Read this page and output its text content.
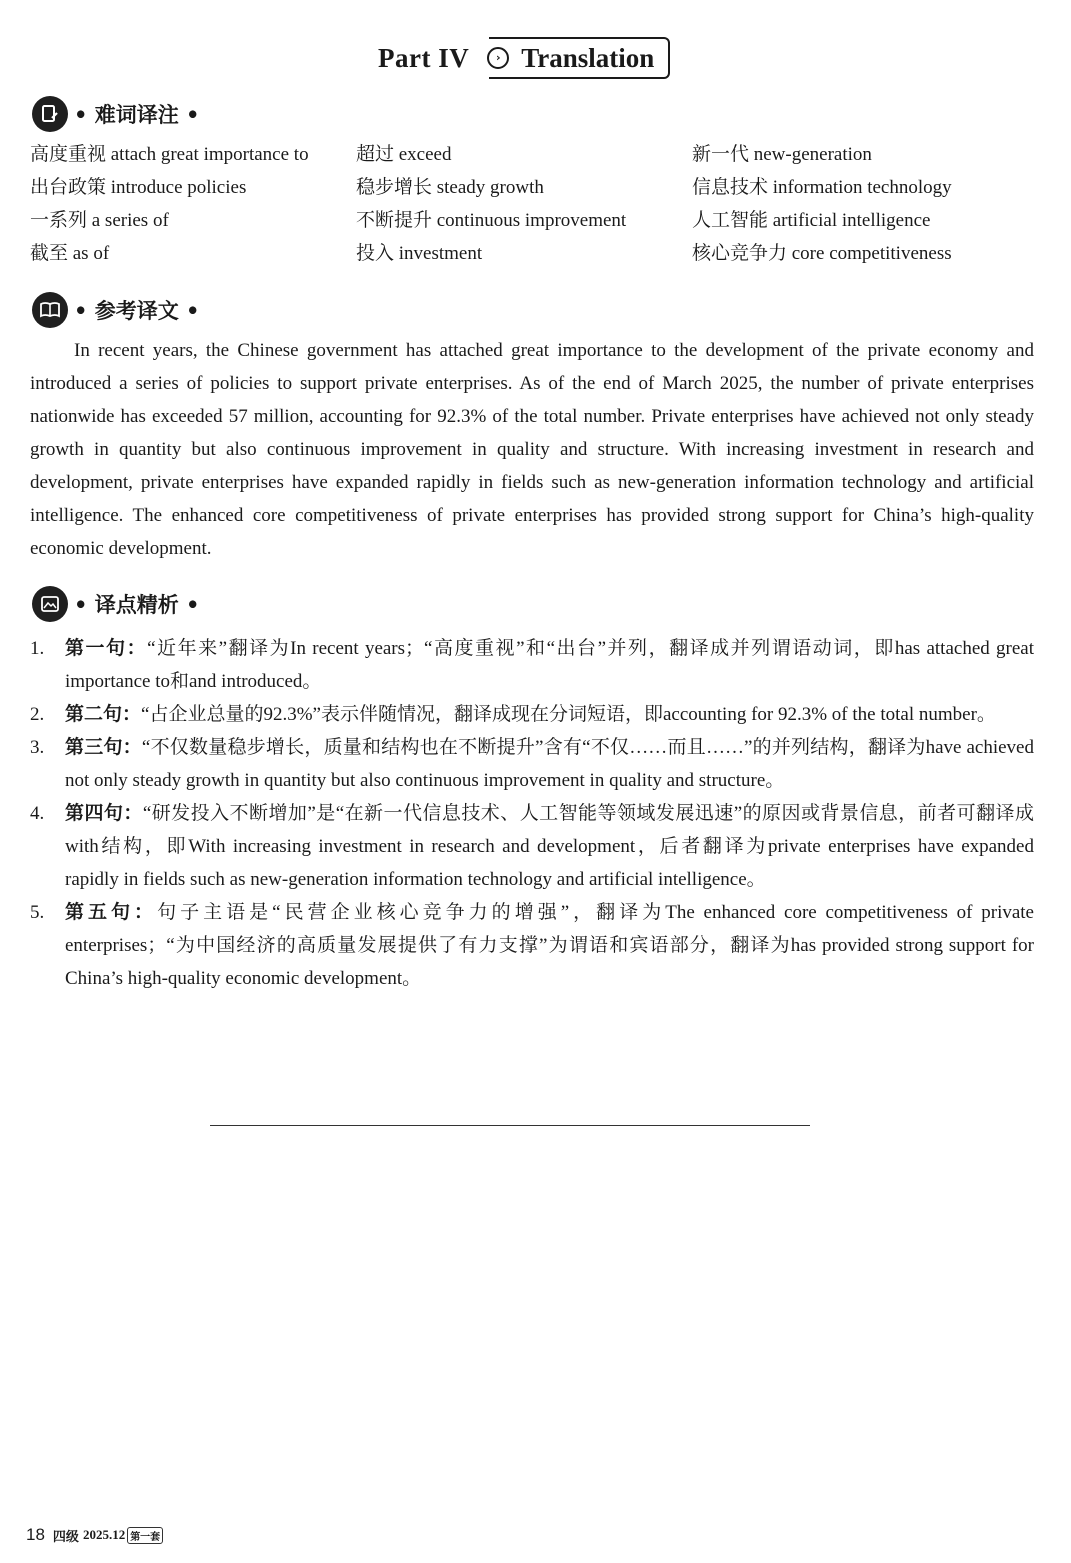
Part IV	› Translation
• 难词译注 •
高度重视 attach great importance to	超过 exceed	新一代 new-generation
出台政策 introduce policies	稳步增长 steady growth	信息技术 information technology
一系列 a series of	不断提升 continuous improvement	人工智能 artificial intelligence
截至 as of	投入 investment	核心竞争力 core competitiveness
• 参考译文 •

In recent years, the Chinese government has attached great importance to the development of the private economy and introduced a series of policies to support private enterprises. As of the end of March 2025, the number of private enterprises nationwide has exceeded 57 million, accounting for 92.3% of the total number. Private enterprises have achieved not only steady growth in quantity but also continuous improvement in quality and structure. With increasing investment in research and development, private enterprises have expanded rapidly in fields such as new-generation information technology and artificial intelligence. The enhanced core competitiveness of private enterprises has provided strong support for China’s high-quality economic development.

• 译点精析 •
1. 第一句：“近年来”翻译为In recent years；“高度重视”和“出台”并列，翻译成并列谓语动词，即has attached great importance to和and introduced。
2. 第二句：“占企业总量的92.3%”表示伴随情况，翻译成现在分词短语，即accounting for 92.3% of the total number。
3. 第三句：“不仅数量稳步增长，质量和结构也在不断提升”含有“不仅……而且……”的并列结构，翻译为have achieved not only steady growth in quantity but also continuous improvement in quality and structure。
4. 第四句：“研发投入不断增加”是“在新一代信息技术、人工智能等领域发展迅速”的原因或背景信息，前者可翻译成with结构，即With increasing investment in research and development，后者翻译为private enterprises have expanded rapidly in fields such as new-generation information technology and artificial intelligence。
5. 第五句：句子主语是“民营企业核心竞争力的增强”，翻译为The enhanced core competitiveness of private enterprises；“为中国经济的高质量发展提供了有力支撑”为谓语和宾语部分，翻译为has provided strong support for China’s high-quality economic development。
18 四级 2025.12 第一套
